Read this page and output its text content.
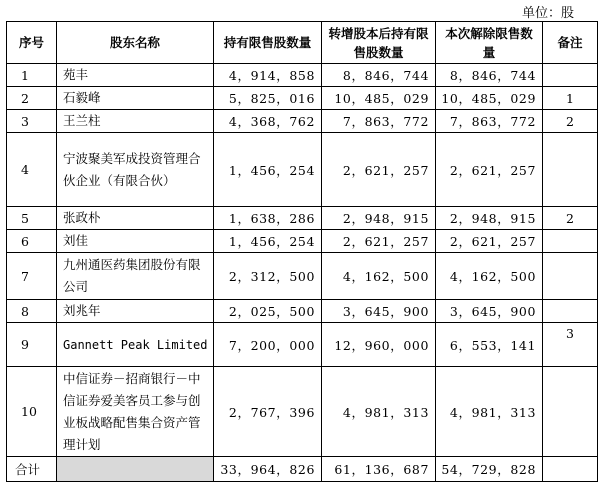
单位：股
序号	股东名称	持有限售股数量	转增股本后持有限售股数量	本次解除限售数量	备注
1	苑丰	4，914，858	8，846，744	8，846，744	
2	石毅峰	5，825，016	10，485，029	10，485，029	1
3	王兰柱	4，368，762	7，863，772	7，863，772	2
4	宁波聚美军成投资管理合伙企业（有限合伙）	1，456，254	2，621，257	2，621，257	
5	张政朴	1，638，286	2，948，915	2，948，915	2
6	刘佳	1，456，254	2，621，257	2，621，257	
7	九州通医药集团股份有限公司	2，312，500	4，162，500	4，162，500	
8	刘兆年	2，025，500	3，645，900	3，645，900	
9	Gannett Peak Limited	7，200，000	12，960，000	6，553，141	3
10	中信证券－招商银行－中信证券爱美客员工参与创业板战略配售集合资产管理计划	2，767，396	4，981，313	4，981，313	
合计		33，964，826	61，136，687	54，729，828	
